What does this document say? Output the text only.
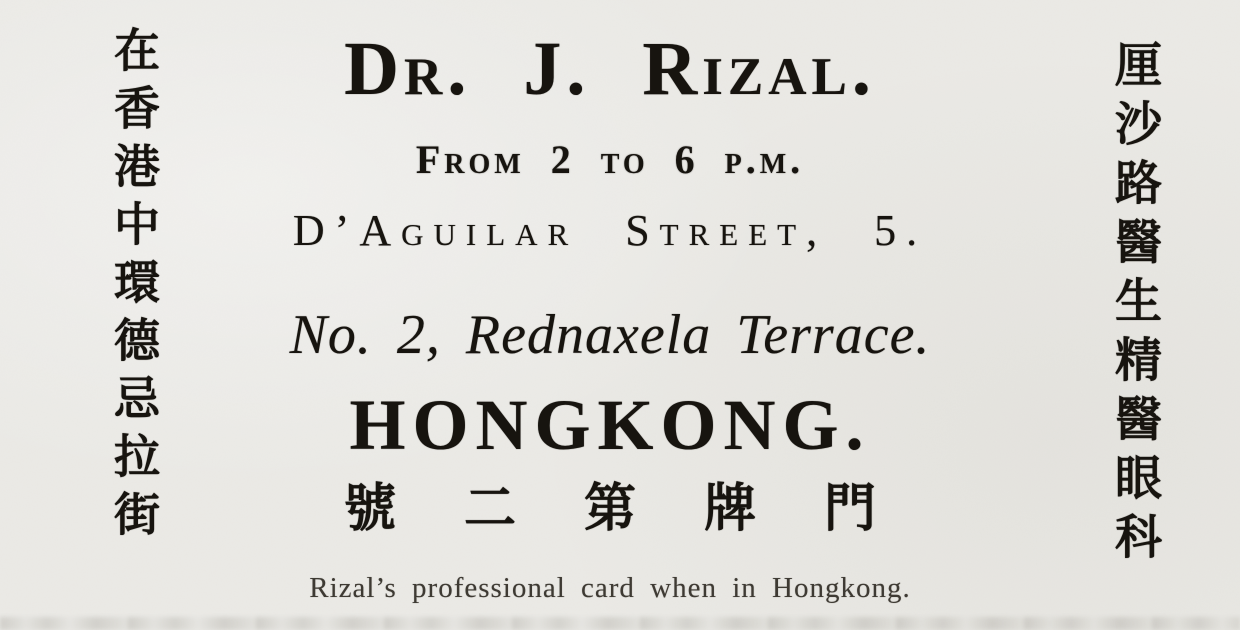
在香港中環德忌拉街	厘沙路醫生精醫眼科
Dr. J. Rizal.
From 2 to 6 p.m.
D’Aguilar Street, 5.
No. 2, Rednaxela Terrace.
HONGKONG.
號二第牌門
Rizal’s professional card when in Hongkong.
